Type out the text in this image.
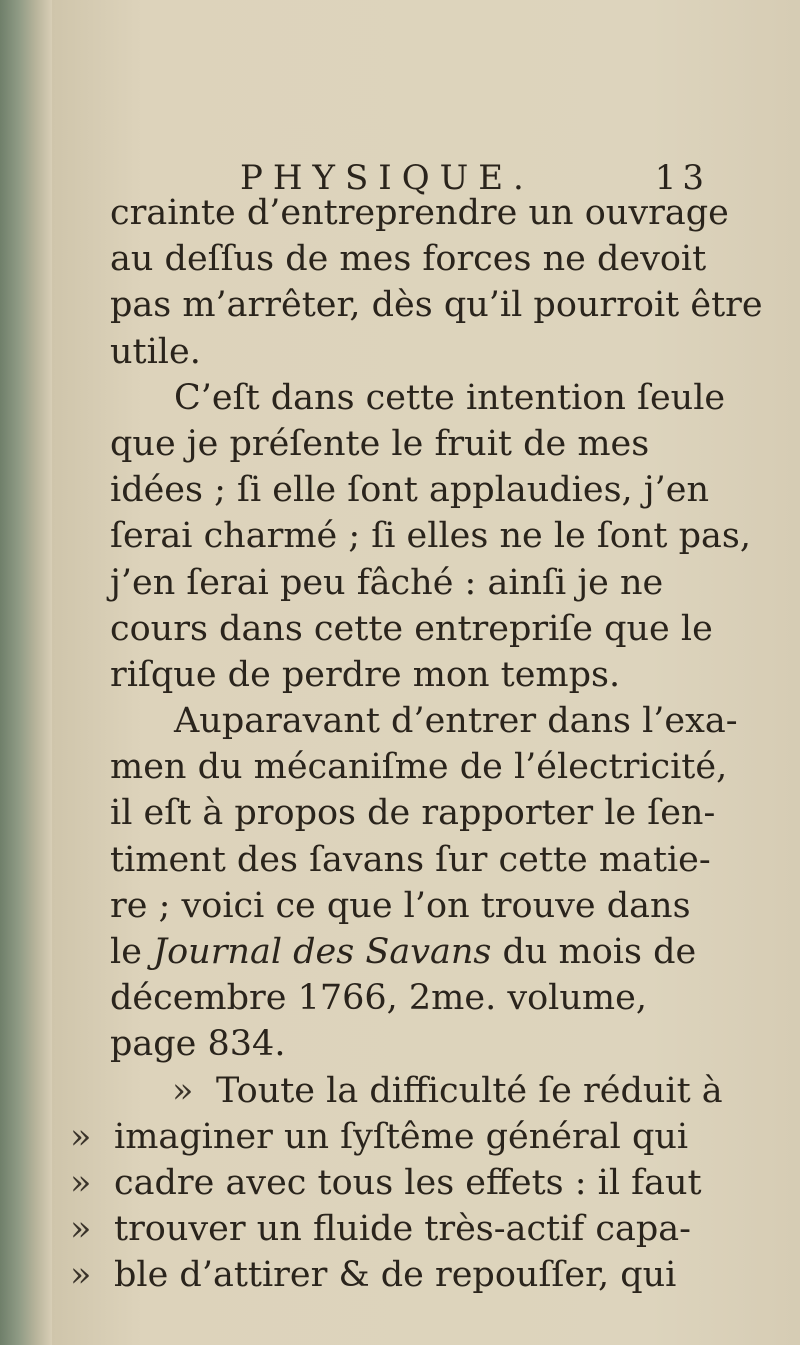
PHYSIQUE.	13
crainte d’entreprendre un ouvrage
au deſſus de mes forces ne devoit
pas m’arrêter, dès qu’il pourroit être
utile.
C’eſt dans cette intention ſeule
que je préſente le fruit de mes
idées ; ſi elle ſont applaudies, j’en
ſerai charmé ; ſi elles ne le ſont pas,
j’en ſerai peu fâché : ainſi je ne
cours dans cette entrepriſe que le
riſque de perdre mon temps.
Auparavant d’entrer dans l’exa-
men du mécaniſme de l’électricité,
il eſt à propos de rapporter le ſen-
timent des ſavans ſur cette matie-
re ; voici ce que l’on trouve dans
le Journal des Savans du mois de
décembre 1766, 2me. volume,
page 834.
» Toute la difficulté ſe réduit à
» imaginer un ſyſtême général qui
» cadre avec tous les effets : il faut
» trouver un fluide très-actif capa-
» ble d’attirer & de repouſſer, qui
